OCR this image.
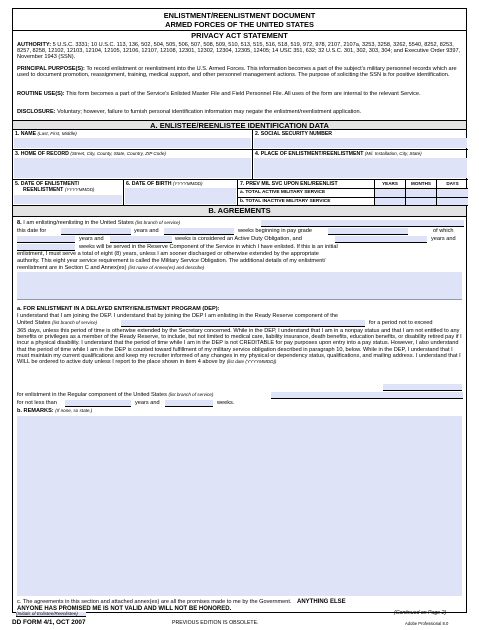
ENLISTMENT/REENLISTMENT DOCUMENT
ARMED FORCES OF THE UNITED STATES
PRIVACY ACT STATEMENT
AUTHORITY: 5 U.S.C. 3331; 10 U.S.C. 113, 136, 502, 504, 505, 506, 507, 508, 509, 510, 513, 515, 516, 518, 519, 972, 978, 2107, 2107a, 3253, 3258, 3262, 5540, 8252, 8253, 8257, 8258, 12102, 12103, 12104, 12105, 12106, 12107, 12108, 12301, 12302, 12304, 12305, 12405; 14 USC 351, 632; 32 U.S.C. 301, 302, 303, 304; and Executive Order 9397, November 1943 (SSN).
PRINCIPAL PURPOSE(S): To record enlistment or reenlistment into the U.S. Armed Forces. This information becomes a part of the subject's military personnel records which are used to document promotion, reassignment, training, medical support, and other personnel management actions. The purpose of soliciting the SSN is for positive identification.
ROUTINE USE(S): This form becomes a part of the Service's Enlisted Master File and Field Personnel File. All uses of the form are internal to the relevant Service.
DISCLOSURE: Voluntary; however, failure to furnish personal identification information may negate the enlistment/reenlistment application.
A. ENLISTEE/REENLISTEE IDENTIFICATION DATA
1. NAME (Last, First, Middle)	2. SOCIAL SECURITY NUMBER
3. HOME OF RECORD (Street, City, County, State, Country, ZIP Code)	4. PLACE OF ENLISTMENT/REENLISTMENT (Mil. Installation, City, State)
5. DATE OF ENLISTMENT/
REENLISTMENT (YYYYMMDD)
6. DATE OF BIRTH (YYYYMMDD)	7. PREV MIL SVC UPON ENL/REENLIST	YEARS	MONTHS	DAYS
a. TOTAL ACTIVE MILITARY SERVICE
b. TOTAL INACTIVE MILITARY SERVICE
B. AGREEMENTS
8. I am enlisting/reenlisting in the United States (list branch of service)
this date for	years and	weeks beginning in pay grade	of which
years and	weeks is considered an Active Duty Obligation, and	years and
weeks will be served in the Reserve Component of the Service in which I have enlisted. If this is an initial
enlistment, I must serve a total of eight (8) years, unless I am sooner discharged or otherwise extended by the appropriate
authority. This eight year service requirement is called the Military Service Obligation. The additional details of my enlistment/
reenlistment are in Section C and Annex(es) (list name of Annex(es) and describe)
a. FOR ENLISTMENT IN A DELAYED ENTRY/ENLISTMENT PROGRAM (DEP):
I understand that I am joining the DEP. I understand that by joining the DEP I am enlisting in the Ready Reserve component of the
United States (list branch of service)	for a period not to exceed
365 days, unless this period of time is otherwise extended by the Secretary concerned. While in the DEP, I understand that I am in a nonpay status and that I am not entitled to any benefits or privileges as a member of the Ready Reserve, to include, but not limited to medical care, liability insurance, death benefits, education benefits, or disability retired pay if I incur a physical disability. I understand that the period of time while I am in the DEP is not CREDITABLE for pay purposes upon entry into a pay status. However, I also understand that the period of time while I am in the DEP is counted toward fulfillment of my military service obligation described in paragraph 10, below. While in the DEP, I understand that I must maintain my current qualifications and keep my recruiter informed of any changes in my physical or dependency status, qualifications, and mailing address. I understand that I WILL be ordered to active duty unless I report to the place shown in item 4 above by (list date (YYYYMMDD))
for enlistment in the Regular component of the United States (list branch of service)
for not less than	years and	weeks.
b. REMARKS: (If none, so state.)
c. The agreements in this section and attached annex(es) are all the promises made to me by the Government. ANYTHING ELSE
ANYONE HAS PROMISED ME IS NOT VALID AND WILL NOT BE HONORED.
(Initials of Enlistee/Reenlistee)	(Continued on Page 2)
DD FORM 4/1, OCT 2007	PREVIOUS EDITION IS OBSOLETE.	Adobe Professional 8.0
